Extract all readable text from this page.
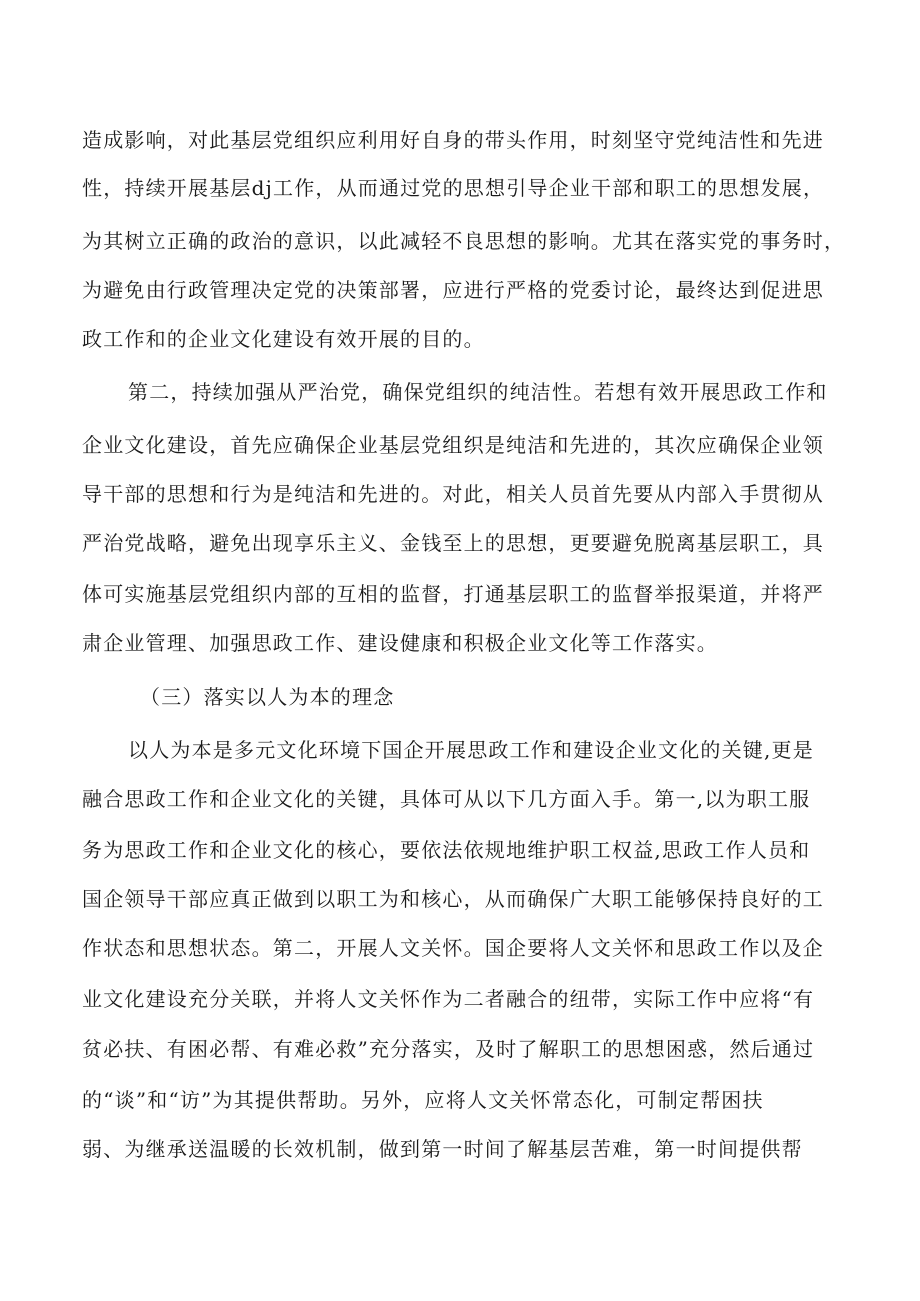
造成影响，对此基层党组织应利用好自身的带头作用，时刻坚守党纯洁性和先进
性，持续开展基层dj工作，从而通过党的思想引导企业干部和职工的思想发展，
为其树立正确的政治的意识，以此减轻不良思想的影响。尤其在落实党的事务时，
为避免由行政管理决定党的决策部署，应进行严格的党委讨论，最终达到促进思
政工作和的企业文化建设有效开展的目的。
第二，持续加强从严治党，确保党组织的纯洁性。若想有效开展思政工作和
企业文化建设，首先应确保企业基层党组织是纯洁和先进的，其次应确保企业领
导干部的思想和行为是纯洁和先进的。对此，相关人员首先要从内部入手贯彻从
严治党战略，避免出现享乐主义、金钱至上的思想，更要避免脱离基层职工，具
体可实施基层党组织内部的互相的监督，打通基层职工的监督举报渠道，并将严
肃企业管理、加强思政工作、建设健康和积极企业文化等工作落实。
（三）落实以人为本的理念
以人为本是多元文化环境下国企开展思政工作和建设企业文化的关键,更是
融合思政工作和企业文化的关键，具体可从以下几方面入手。第一,以为职工服
务为思政工作和企业文化的核心，要依法依规地维护职工权益,思政工作人员和
国企领导干部应真正做到以职工为和核心，从而确保广大职工能够保持良好的工
作状态和思想状态。第二，开展人文关怀。国企要将人文关怀和思政工作以及企
业文化建设充分关联，并将人文关怀作为二者融合的纽带，实际工作中应将“有
贫必扶、有困必帮、有难必救”充分落实，及时了解职工的思想困惑，然后通过
的“谈”和“访”为其提供帮助。另外，应将人文关怀常态化，可制定帮困扶
弱、为继承送温暖的长效机制，做到第一时间了解基层苦难，第一时间提供帮
